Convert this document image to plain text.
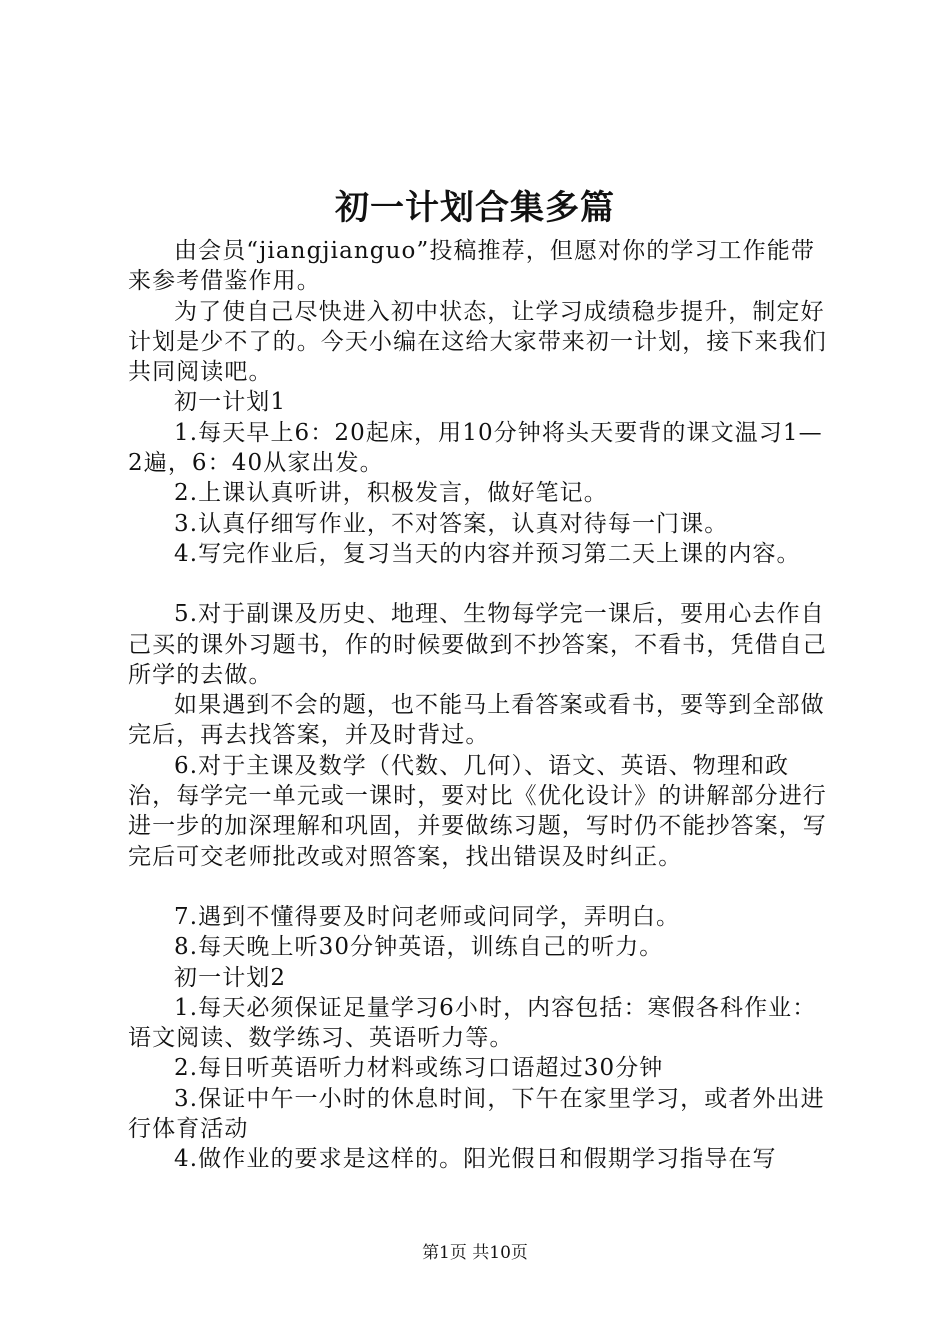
初一计划合集多篇

由会员“jiangjianguo”投稿推荐，但愿对你的学习工作能带来参考借鉴作用。

为了使自己尽快进入初中状态，让学习成绩稳步提升，制定好计划是少不了的。今天小编在这给大家带来初一计划，接下来我们共同阅读吧。

初一计划1

1.每天早上6：20起床，用10分钟将头天要背的课文温习1—2遍，6：40从家出发。

2.上课认真听讲，积极发言，做好笔记。

3.认真仔细写作业，不对答案，认真对待每一门课。

4.写完作业后，复习当天的内容并预习第二天上课的内容。

5.对于副课及历史、地理、生物每学完一课后，要用心去作自己买的课外习题书，作的时候要做到不抄答案，不看书，凭借自己所学的去做。

如果遇到不会的题，也不能马上看答案或看书，要等到全部做完后，再去找答案，并及时背过。

6.对于主课及数学（代数、几何）、语文、英语、物理和政治，每学完一单元或一课时，要对比《优化设计》的讲解部分进行进一步的加深理解和巩固，并要做练习题，写时仍不能抄答案，写完后可交老师批改或对照答案，找出错误及时纠正。

7.遇到不懂得要及时问老师或问同学，弄明白。

8.每天晚上听30分钟英语，训练自己的听力。

初一计划2

1.每天必须保证足量学习6小时，内容包括：寒假各科作业：语文阅读、数学练习、英语听力等。

2.每日听英语听力材料或练习口语超过30分钟

3.保证中午一小时的休息时间，下午在家里学习，或者外出进行体育活动

4.做作业的要求是这样的。阳光假日和假期学习指导在写

第1页 共10页
